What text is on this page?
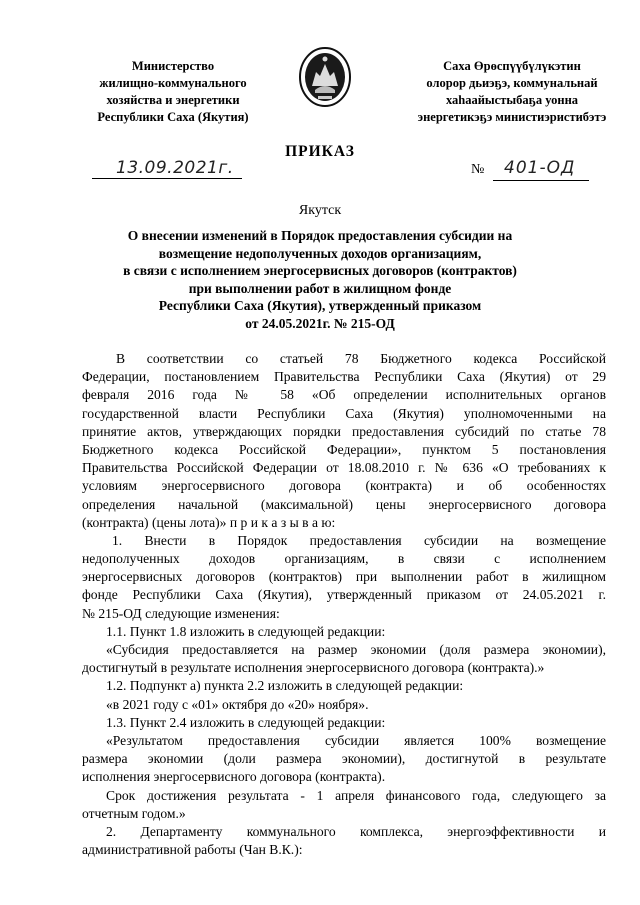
Министерство
жилищно-коммунального
хозяйства и энергетики
Республики Саха (Якутия)
Саха Өрөспүүбүлүкэтин
олорор дьиэҕэ, коммунальнай
хаһаайыстыбаҕа уонна
энергетикэҕэ министиэристибэтэ
ПРИКАЗ
13.09.2021г.	№ 401-ОД
Якутск
О внесении изменений в Порядок предоставления субсидии на
возмещение недополученных доходов организациям,
в связи с исполнением энергосервисных договоров (контрактов)
при выполнении работ в жилищном фонде
Республики Саха (Якутия), утвержденный приказом
от 24.05.2021г. № 215-ОД
В соответствии со статьей 78 Бюджетного кодекса Российской
Федерации, постановлением Правительства Республики Саха (Якутия) от 29
февраля 2016 года № 58 «Об определении исполнительных органов
государственной власти Республики Саха (Якутия) уполномоченными на
принятие актов, утверждающих порядки предоставления субсидий по статье 78
Бюджетного кодекса Российской Федерации», пунктом 5 постановления
Правительства Российской Федерации от 18.08.2010 г. № 636 «О требованиях к
условиям энергосервисного договора (контракта) и об особенностях
определения начальной (максимальной) цены энергосервисного договора
(контракта) (цены лота)» п р и к а з ы в а ю:
1. Внести в Порядок предоставления субсидии на возмещение
недополученных доходов организациям, в связи с исполнением
энергосервисных договоров (контрактов) при выполнении работ в жилищном
фонде Республики Саха (Якутия), утвержденный приказом от 24.05.2021 г.
№ 215-ОД следующие изменения:
1.1. Пункт 1.8 изложить в следующей редакции:
«Субсидия предоставляется на размер экономии (доля размера экономии),
достигнутый в результате исполнения энергосервисного договора (контракта).»
1.2. Подпункт а) пункта 2.2 изложить в следующей редакции:
«в 2021 году с «01» октября до «20» ноября».
1.3. Пункт 2.4 изложить в следующей редакции:
«Результатом предоставления субсидии является 100% возмещение
размера экономии (доли размера экономии), достигнутой в результате
исполнения энергосервисного договора (контракта).
Срок достижения результата - 1 апреля финансового года, следующего за
отчетным годом.»
2. Департаменту коммунального комплекса, энергоэффективности и
административной работы (Чан В.К.):
